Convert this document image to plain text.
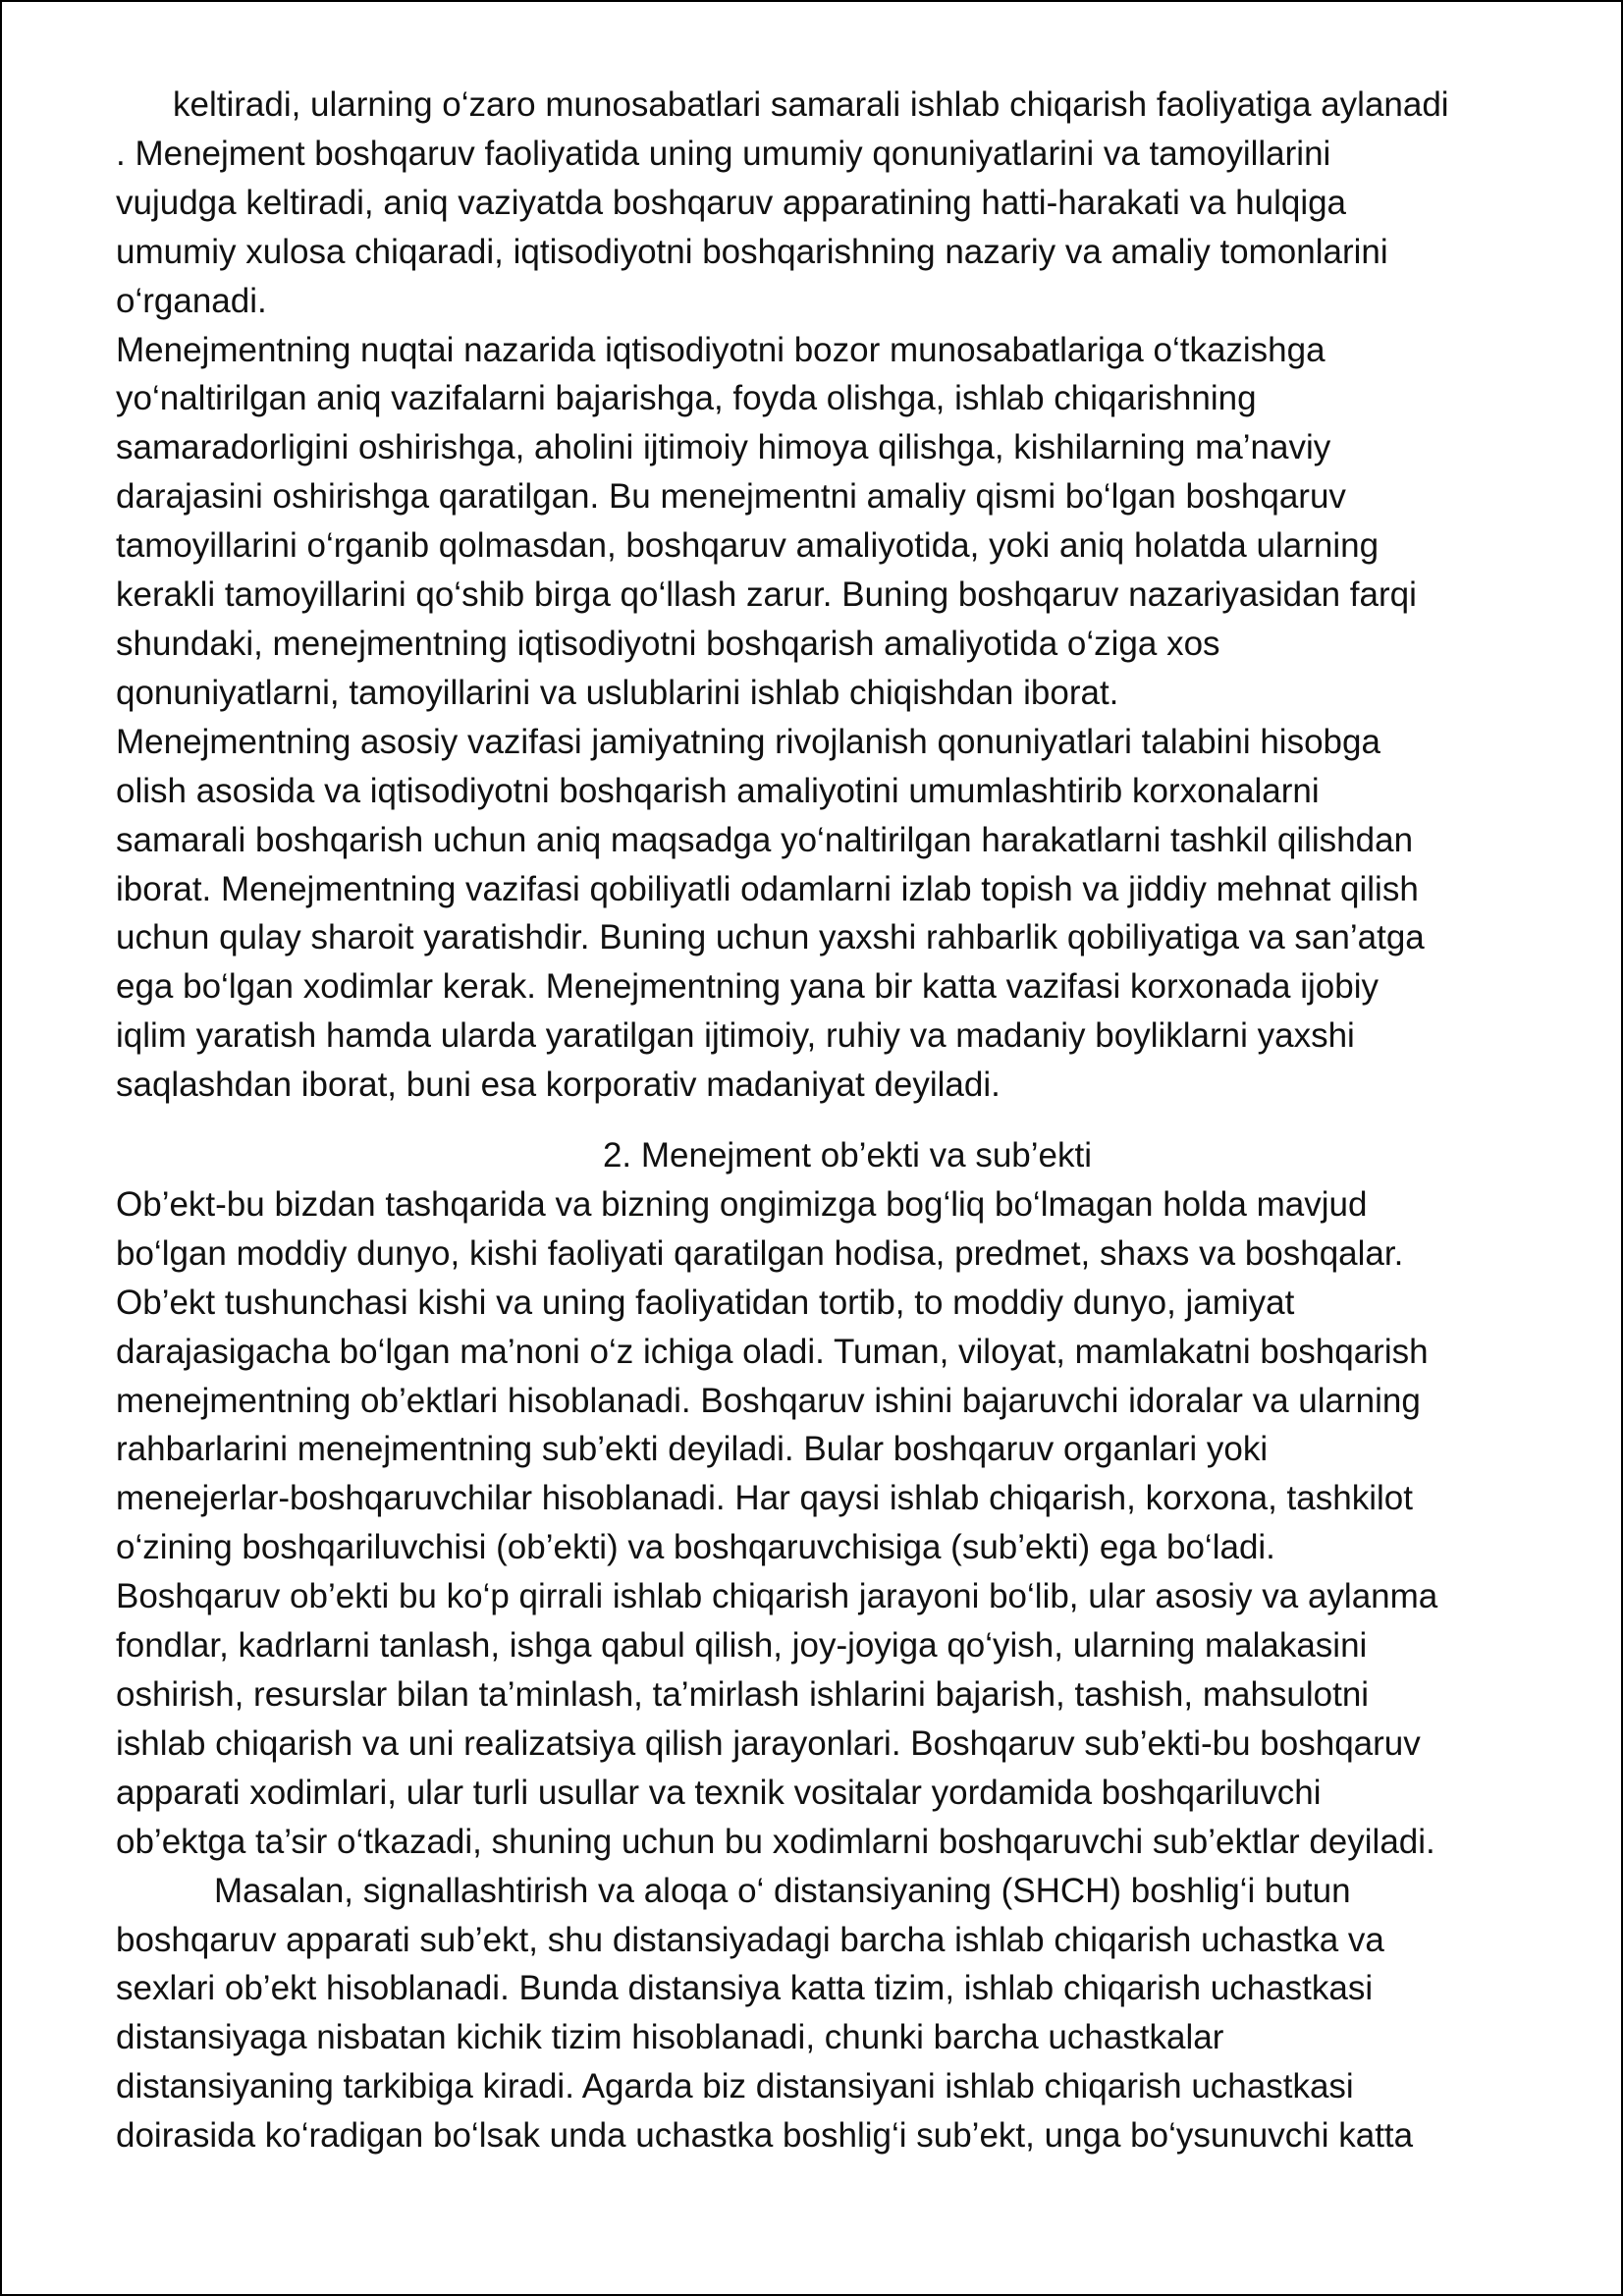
keltiradi, ularning o‘zaro munosabatlari samarali ishlab chiqarish faoliyatiga aylanadi
. Menejment boshqaruv faoliyatida uning umumiy qonuniyatlarini va tamoyillarini
vujudga keltiradi, aniq vaziyatda boshqaruv apparatining hatti-harakati va hulqiga
umumiy xulosa chiqaradi, iqtisodiyotni boshqarishning nazariy va amaliy tomonlarini
o‘rganadi.
Menejmentning nuqtai nazarida iqtisodiyotni bozor munosabatlariga o‘tkazishga
yo‘naltirilgan aniq vazifalarni bajarishga, foyda olishga, ishlab chiqarishning
samaradorligini oshirishga, aholini ijtimoiy himoya qilishga, kishilarning ma’naviy
darajasini oshirishga qaratilgan. Bu menejmentni amaliy qismi bo‘lgan boshqaruv
tamoyillarini o‘rganib qolmasdan, boshqaruv amaliyotida, yoki aniq holatda ularning
kerakli tamoyillarini qo‘shib birga qo‘llash zarur. Buning boshqaruv nazariyasidan farqi
shundaki, menejmentning iqtisodiyotni boshqarish amaliyotida o‘ziga xos
qonuniyatlarni, tamoyillarini va uslublarini ishlab chiqishdan iborat.
Menejmentning asosiy vazifasi jamiyatning rivojlanish qonuniyatlari talabini hisobga
olish asosida va iqtisodiyotni boshqarish amaliyotini umumlashtirib korxonalarni
samarali boshqarish uchun aniq maqsadga yo‘naltirilgan harakatlarni tashkil qilishdan
iborat. Menejmentning vazifasi qobiliyatli odamlarni izlab topish va jiddiy mehnat qilish
uchun qulay sharoit yaratishdir. Buning uchun yaxshi rahbarlik qobiliyatiga va san’atga
ega bo‘lgan xodimlar kerak. Menejmentning yana bir katta vazifasi korxonada ijobiy
iqlim yaratish hamda ularda yaratilgan ijtimoiy, ruhiy va madaniy boyliklarni yaxshi
saqlashdan iborat, buni esa korporativ madaniyat deyiladi.
2. Menejment ob’ekti va sub’ekti
Ob’ekt-bu bizdan tashqarida va bizning ongimizga bog‘liq bo‘lmagan holda mavjud
bo‘lgan moddiy dunyo, kishi faoliyati qaratilgan hodisa, predmet, shaxs va boshqalar.
Ob’ekt tushunchasi kishi va uning faoliyatidan tortib, to moddiy dunyo, jamiyat
darajasigacha bo‘lgan ma’noni o‘z ichiga oladi. Tuman, viloyat, mamlakatni boshqarish
menejmentning ob’ektlari hisoblanadi. Boshqaruv ishini bajaruvchi idoralar va ularning
rahbarlarini menejmentning sub’ekti deyiladi. Bular boshqaruv organlari yoki
menejerlar-boshqaruvchilar hisoblanadi. Har qaysi ishlab chiqarish, korxona, tashkilot
o‘zining boshqariluvchisi (ob’ekti) va boshqaruvchisiga (sub’ekti) ega bo‘ladi.
Boshqaruv ob’ekti bu ko‘p qirrali ishlab chiqarish jarayoni bo‘lib, ular asosiy va aylanma
fondlar, kadrlarni tanlash, ishga qabul qilish, joy-joyiga qo‘yish, ularning malakasini
oshirish, resurslar bilan ta’minlash, ta’mirlash ishlarini bajarish, tashish, mahsulotni
ishlab chiqarish va uni realizatsiya qilish jarayonlari. Boshqaruv sub’ekti-bu boshqaruv
apparati xodimlari, ular turli usullar va texnik vositalar yordamida boshqariluvchi
ob’ektga ta’sir o‘tkazadi, shuning uchun bu xodimlarni boshqaruvchi sub’ektlar deyiladi.
Masalan, signallashtirish va aloqa o‘ distansiyaning (SHCH) boshlig‘i butun
boshqaruv apparati sub’ekt, shu distansiyadagi barcha ishlab chiqarish uchastka va
sexlari ob’ekt hisoblanadi. Bunda distansiya katta tizim, ishlab chiqarish uchastkasi
distansiyaga nisbatan kichik tizim hisoblanadi, chunki barcha uchastkalar
distansiyaning tarkibiga kiradi. Agarda biz distansiyani ishlab chiqarish uchastkasi
doirasida ko‘radigan bo‘lsak unda uchastka boshlig‘i sub’ekt, unga bo‘ysunuvchi katta
